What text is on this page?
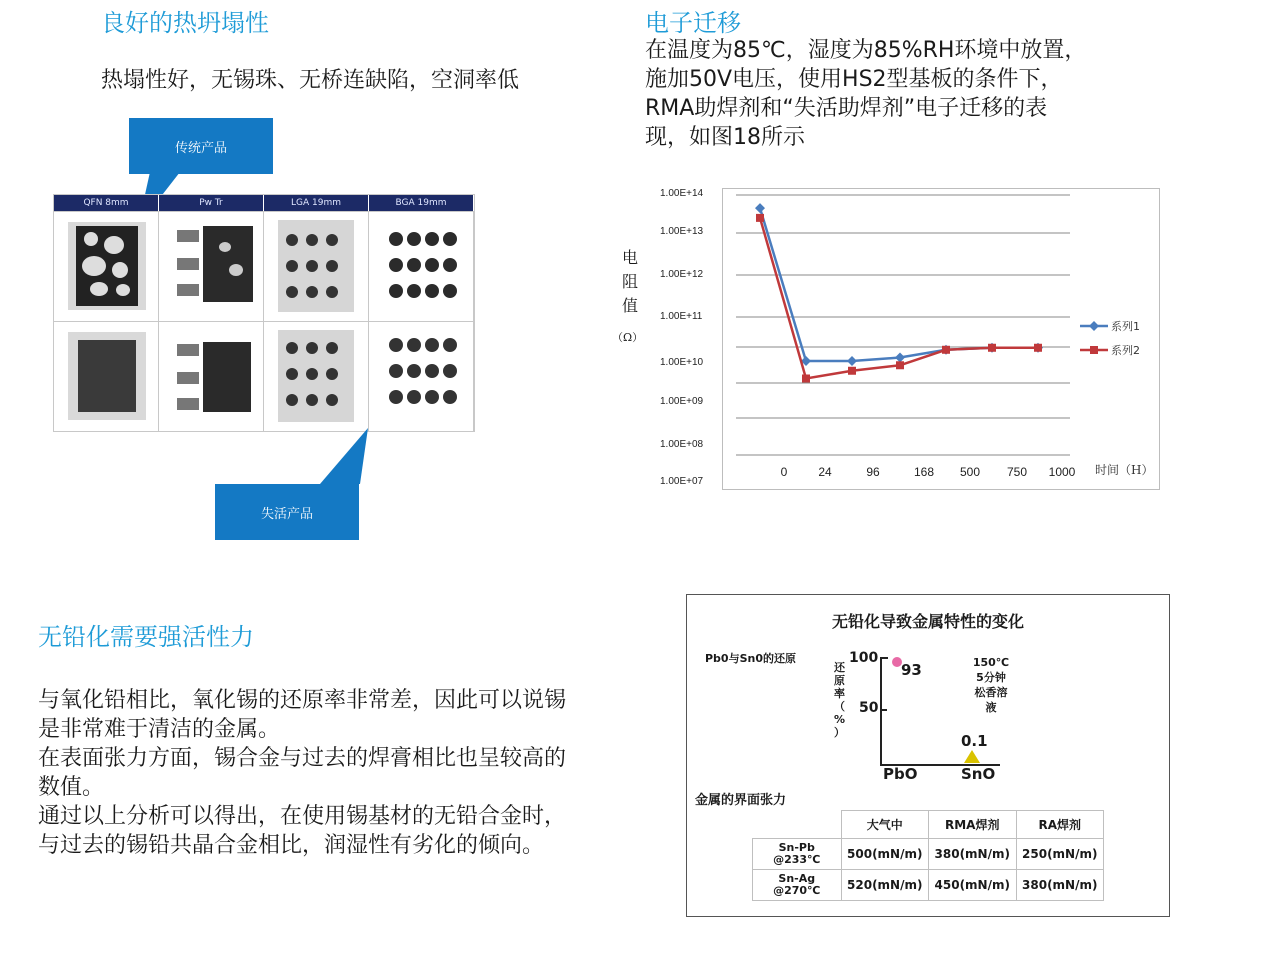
良好的热坍塌性
热塌性好，无锡珠、无桥连缺陷，空洞率低
传统产品
QFN 8mm	Pw Tr	LGA 19mm	BGA 19mm
失活产品
电子迁移
在温度为85℃，湿度为85%RH环境中放置，
施加50V电压，使用HS2型基板的条件下，
RMA助焊剂和“失活助焊剂”电子迁移的表
现，如图18所示
电
阻
值
（Ω）
1.00E+14
1.00E+13
1.00E+12
1.00E+11
1.00E+10
1.00E+09
1.00E+08
1.00E+07
0	24	96	168 500 750 1000 时间（H）
系列1
系列2
无铅化需要强活性力
与氧化铅相比，氧化锡的还原率非常差，因此可以说锡
是非常难于清洁的金属。
在表面张力方面，锡合金与过去的焊膏相比也呈较高的
数值。
通过以上分析可以得出，在使用锡基材的无铅合金时，
与过去的锡铅共晶合金相比，润湿性有劣化的倾向。
无铅化导致金属特性的变化
Pb0与Sn0的还原
还
原
率
（
%
）
100
50
93
0.1
PbO	SnO
150℃
5分钟
松香溶液
金属的界面张力
	大气中	RMA焊剂	RA焊剂

Sn-Pb
@233℃	500(mN/m)	380(mN/m)	250(mN/m)

Sn-Ag
@270℃	520(mN/m)	450(mN/m)	380(mN/m)
